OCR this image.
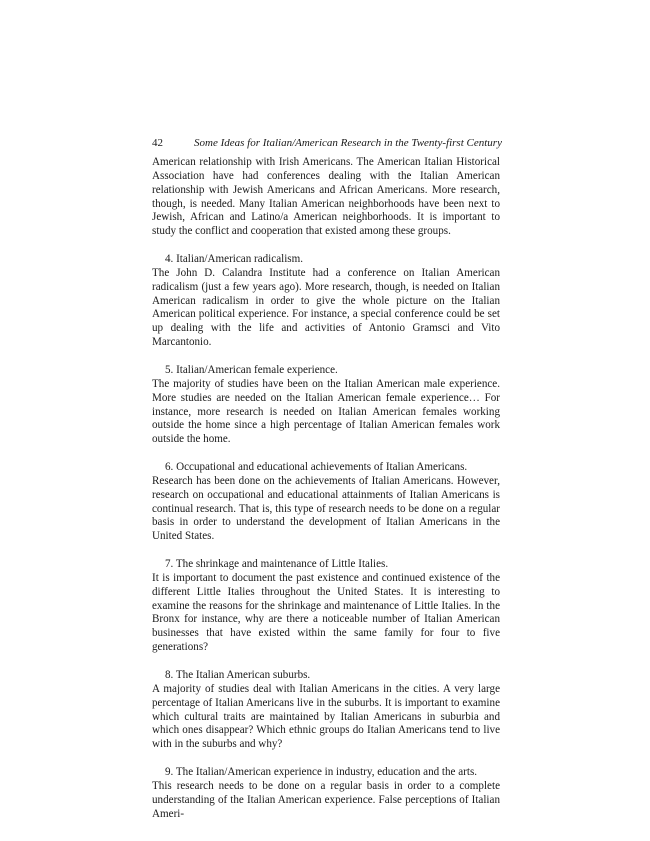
42	Some Ideas for Italian/American Research in the Twenty-first Century

American relationship with Irish Americans. The American Italian Historical Association have had conferences dealing with the Italian American relationship with Jewish Americans and African Americans. More research, though, is needed. Many Italian American neighborhoods have been next to Jewish, African and Latino/a American neighborhoods. It is important to study the conflict and cooperation that existed among these groups.

4. Italian/American radicalism.

The John D. Calandra Institute had a conference on Italian American radicalism (just a few years ago). More research, though, is needed on Italian American radicalism in order to give the whole picture on the Italian American political experience. For instance, a special conference could be set up dealing with the life and activities of Antonio Gramsci and Vito Marcantonio.

5. Italian/American female experience.

The majority of studies have been on the Italian American male experience. More studies are needed on the Italian American female experience… For instance, more research is needed on Italian American females working outside the home since a high percentage of Italian American females work outside the home.

6. Occupational and educational achievements of Italian Americans.

Research has been done on the achievements of Italian Americans. However, research on occupational and educational attainments of Italian Americans is continual research. That is, this type of research needs to be done on a regular basis in order to understand the development of Italian Americans in the United States.

7. The shrinkage and maintenance of Little Italies.

It is important to document the past existence and continued existence of the different Little Italies throughout the United States. It is interesting to examine the reasons for the shrinkage and maintenance of Little Italies. In the Bronx for instance, why are there a noticeable number of Italian American businesses that have existed within the same family for four to five generations?

8. The Italian American suburbs.

A majority of studies deal with Italian Americans in the cities. A very large percentage of Italian Americans live in the suburbs. It is important to examine which cultural traits are maintained by Italian Americans in suburbia and which ones disappear? Which ethnic groups do Italian Americans tend to live with in the suburbs and why?

9. The Italian/American experience in industry, education and the arts.

This research needs to be done on a regular basis in order to a complete understanding of the Italian American experience. False perceptions of Italian Ameri-
